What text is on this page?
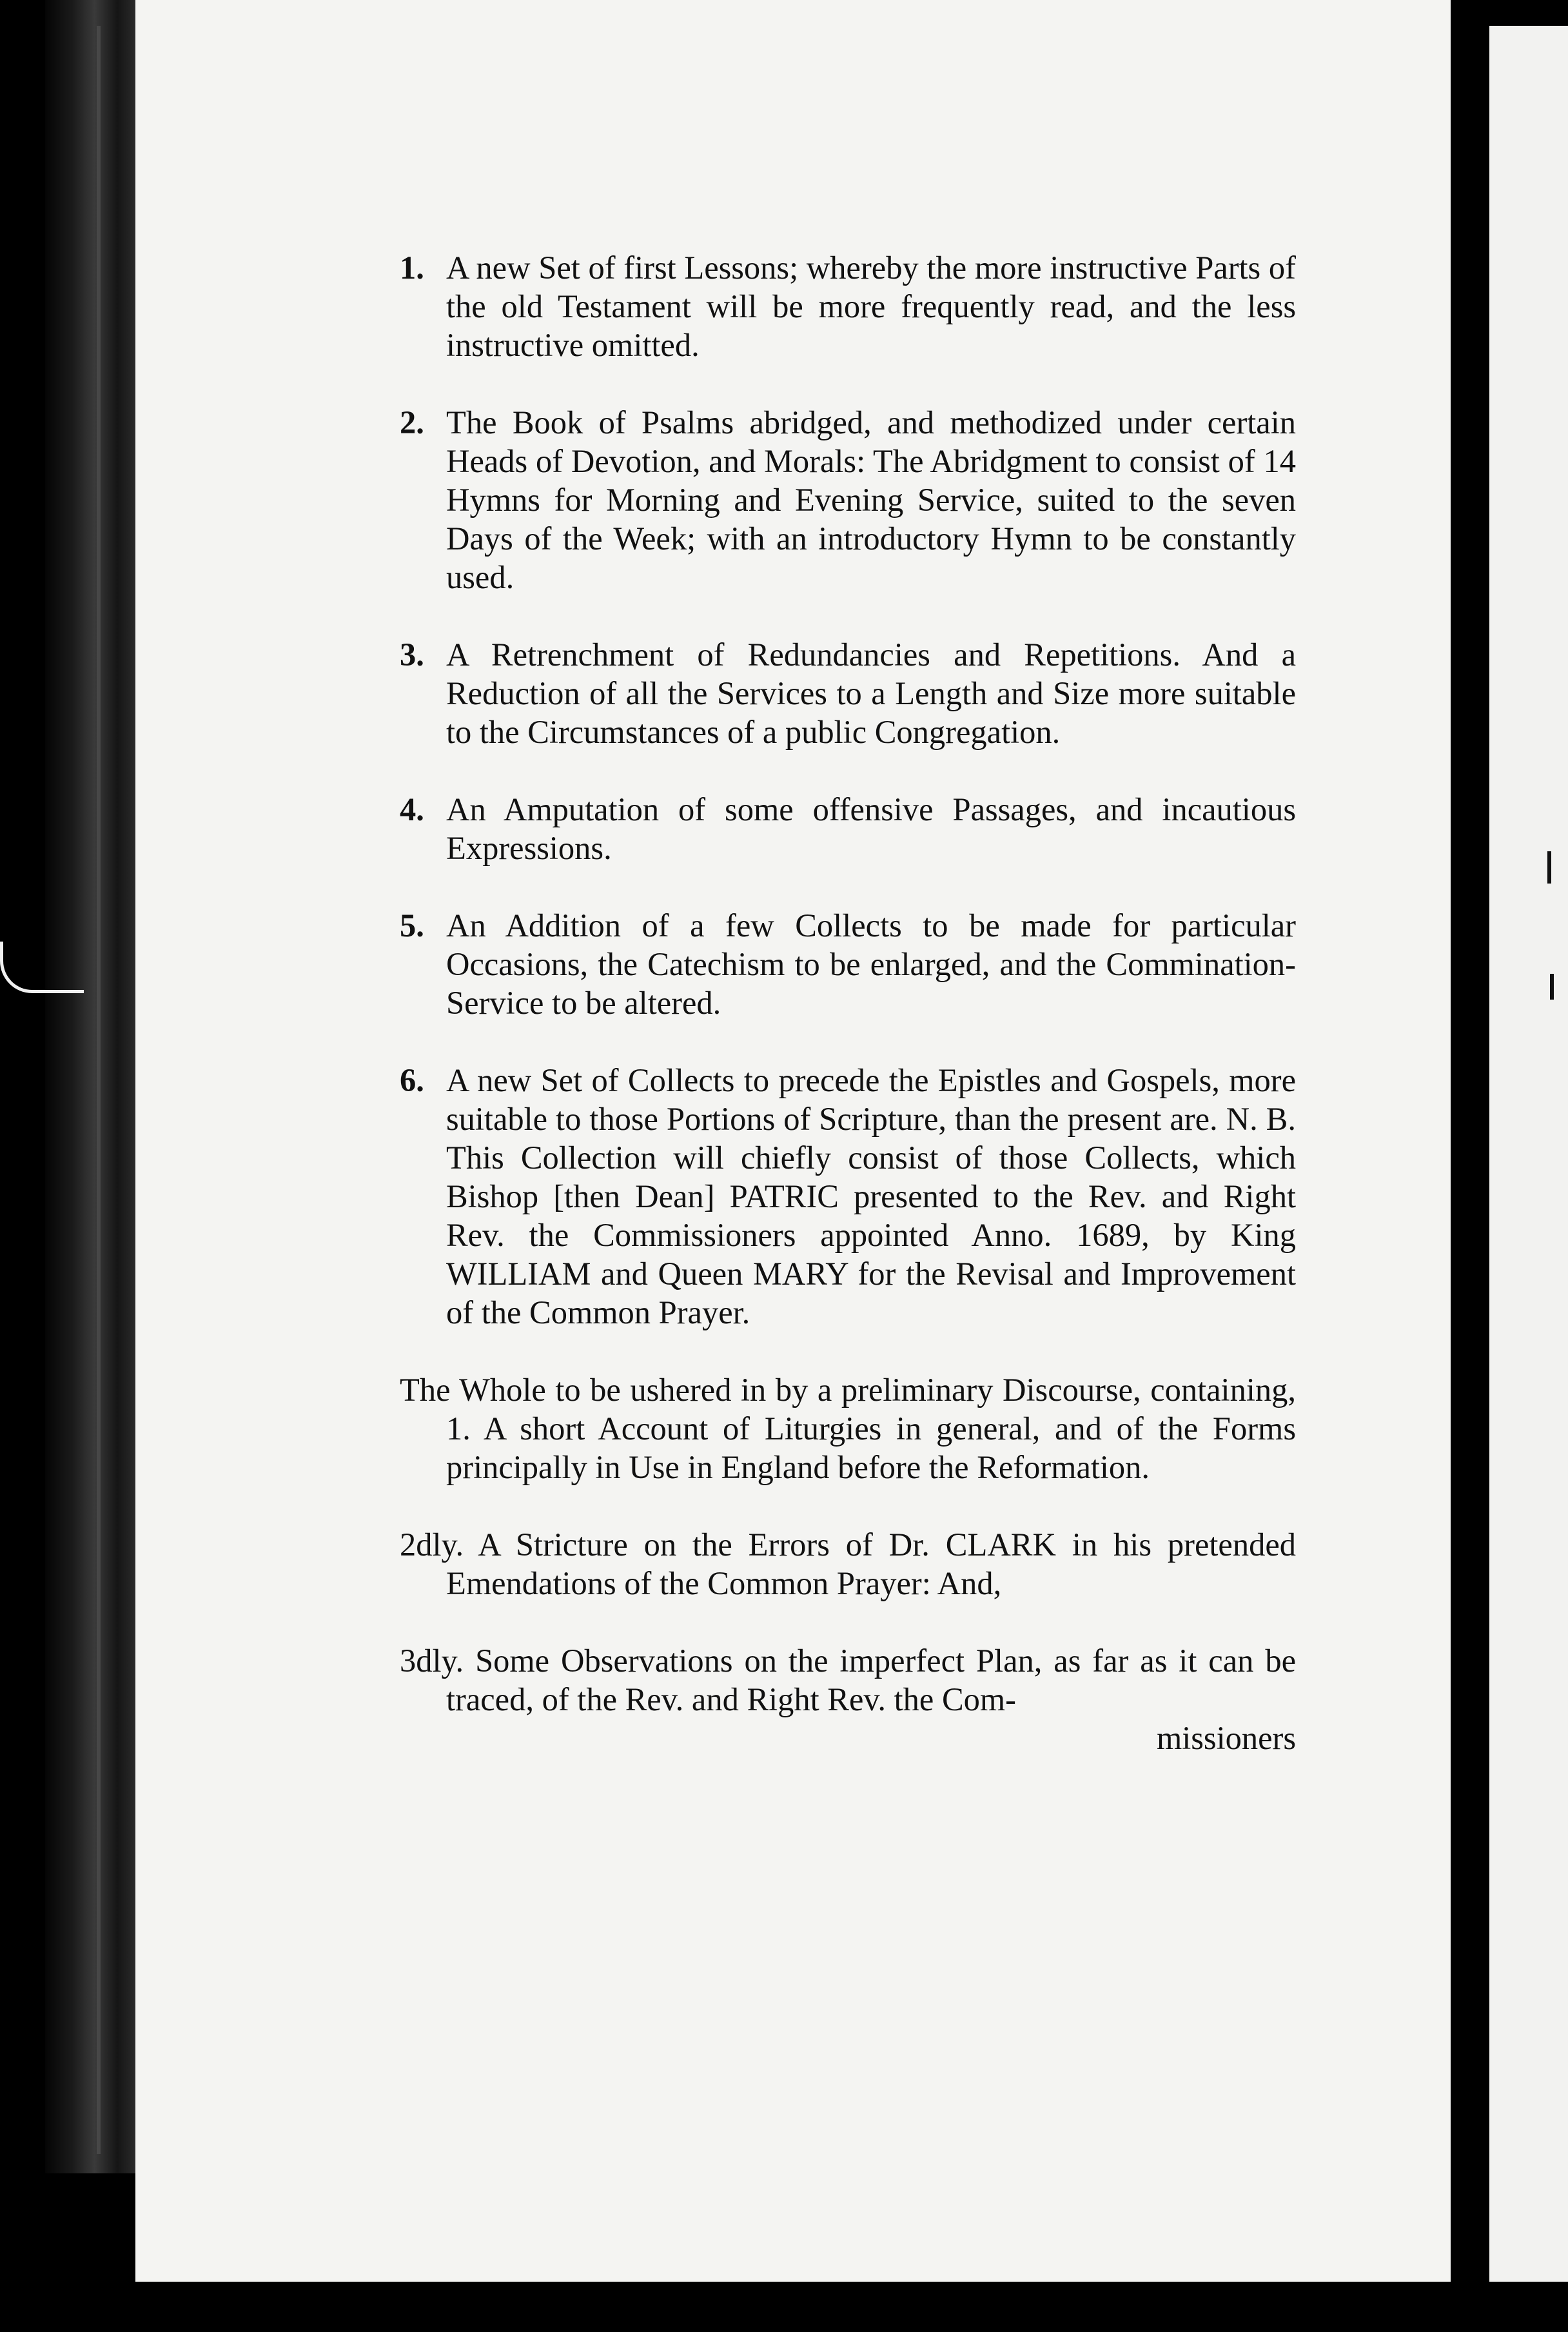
1. A new Set of first Lessons; whereby the more instructive Parts of the old Testament will be more frequently read, and the less instructive omitted.
2. The Book of Psalms abridged, and methodized under certain Heads of Devotion, and Morals: The Abridgment to consist of 14 Hymns for Morning and Evening Service, suited to the seven Days of the Week; with an introductory Hymn to be constantly used.
3. A Retrenchment of Redundancies and Repetitions. And a Reduction of all the Services to a Length and Size more suitable to the Circumstances of a public Congregation.
4. An Amputation of some offensive Passages, and incautious Expressions.
5. An Addition of a few Collects to be made for particular Occasions, the Catechism to be enlarged, and the Commination-Service to be altered.
6. A new Set of Collects to precede the Epistles and Gospels, more suitable to those Portions of Scripture, than the present are. N. B. This Collection will chiefly consist of those Collects, which Bishop [then Dean] PATRIC presented to the Rev. and Right Rev. the Commissioners appointed Anno. 1689, by King WILLIAM and Queen MARY for the Revisal and Improvement of the Common Prayer.
The Whole to be ushered in by a preliminary Discourse, containing, 1. A short Account of Liturgies in general, and of the Forms principally in Use in England before the Reformation.
2dly. A Stricture on the Errors of Dr. CLARK in his pretended Emendations of the Common Prayer: And,
3dly. Some Observations on the imperfect Plan, as far as it can be traced, of the Rev. and Right Rev. the Com-
missioners
